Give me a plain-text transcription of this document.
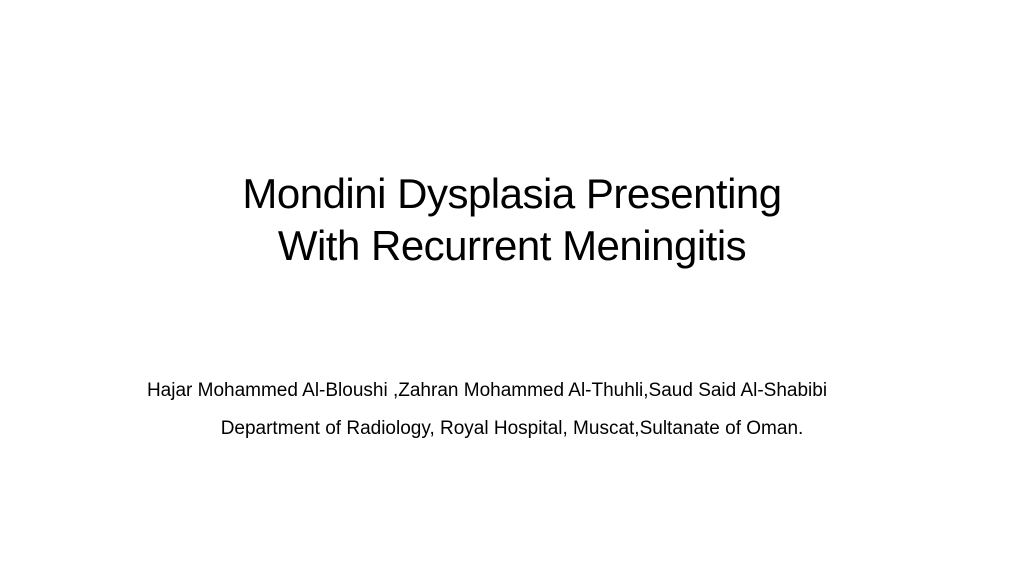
Mondini Dysplasia Presenting
With Recurrent Meningitis
Hajar Mohammed Al-Bloushi ,Zahran Mohammed Al-Thuhli,Saud Said Al-Shabibi
Department of Radiology, Royal Hospital, Muscat,Sultanate of Oman.
